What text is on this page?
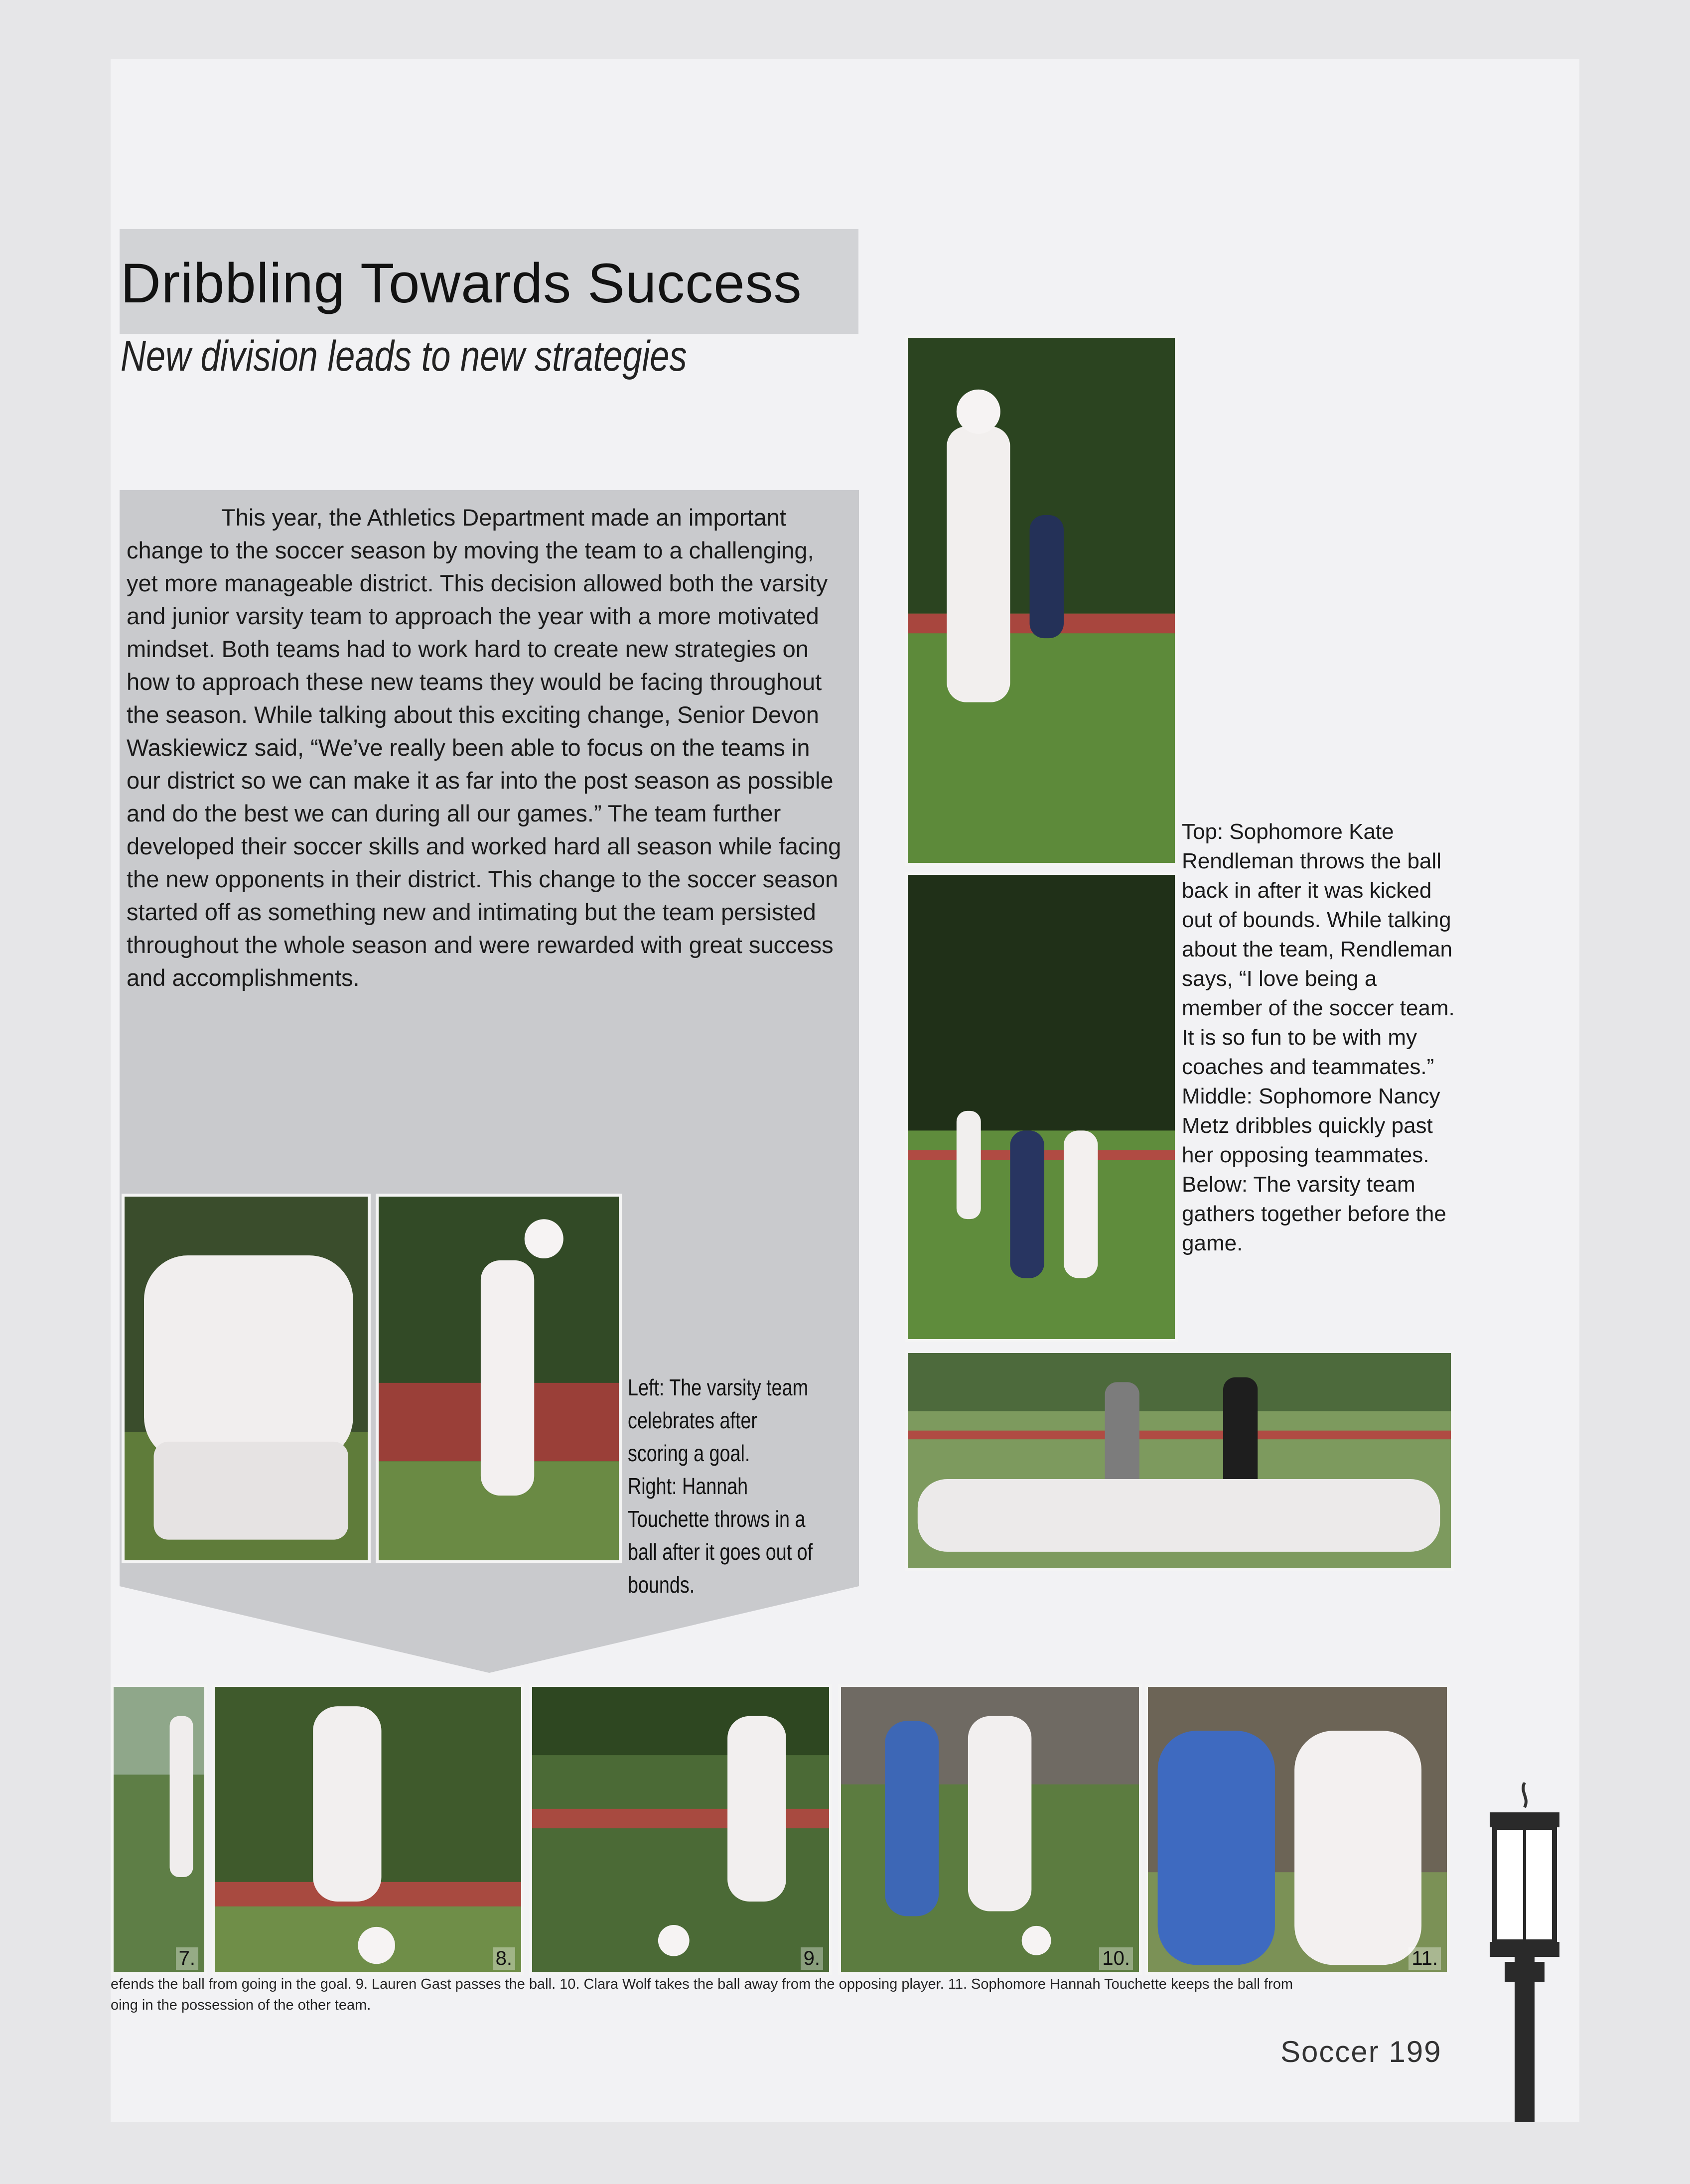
Dribbling Towards Success
New division leads to new strategies
This year, the Athletics Department made an important change to the soccer season by moving the team to a challenging, yet more manageable district. This decision allowed both the varsity and junior varsity team to approach the year with a more motivated mindset. Both teams had to work hard to create new strategies on how to approach these new teams they would be facing throughout the season. While talking about this exciting change, Senior Devon Waskiewicz said, “We’ve really been able to focus on the teams in our district so we can make it as far into the post season as possible and do the best we can during all our games.” The team further developed their soccer skills and worked hard all season while facing the new opponents in their district. This change to the soccer season started off as something new and intimating but the team persisted throughout the whole season and were rewarded with great success and accomplishments.
Top: Sophomore Kate Rendleman throws the ball back in after it was kicked out of bounds. While talking about the team, Rendleman says, “I love being a member of the soccer team. It is so fun to be with my coaches and teammates.”
Middle: Sophomore Nancy Metz dribbles quickly past her opposing teammates.
Below: The varsity team gathers together before the game.
Left: The varsity team celebrates after scoring a goal.
Right: Hannah Touchette throws in a ball after it goes out of bounds.
7.	8.	9.	10.	11.
efends the ball from going in the goal. 9. Lauren Gast passes the ball. 10. Clara Wolf takes the ball away from the opposing player. 11. Sophomore Hannah Touchette keeps the ball from
oing in the possession of the other team.
Soccer 199
